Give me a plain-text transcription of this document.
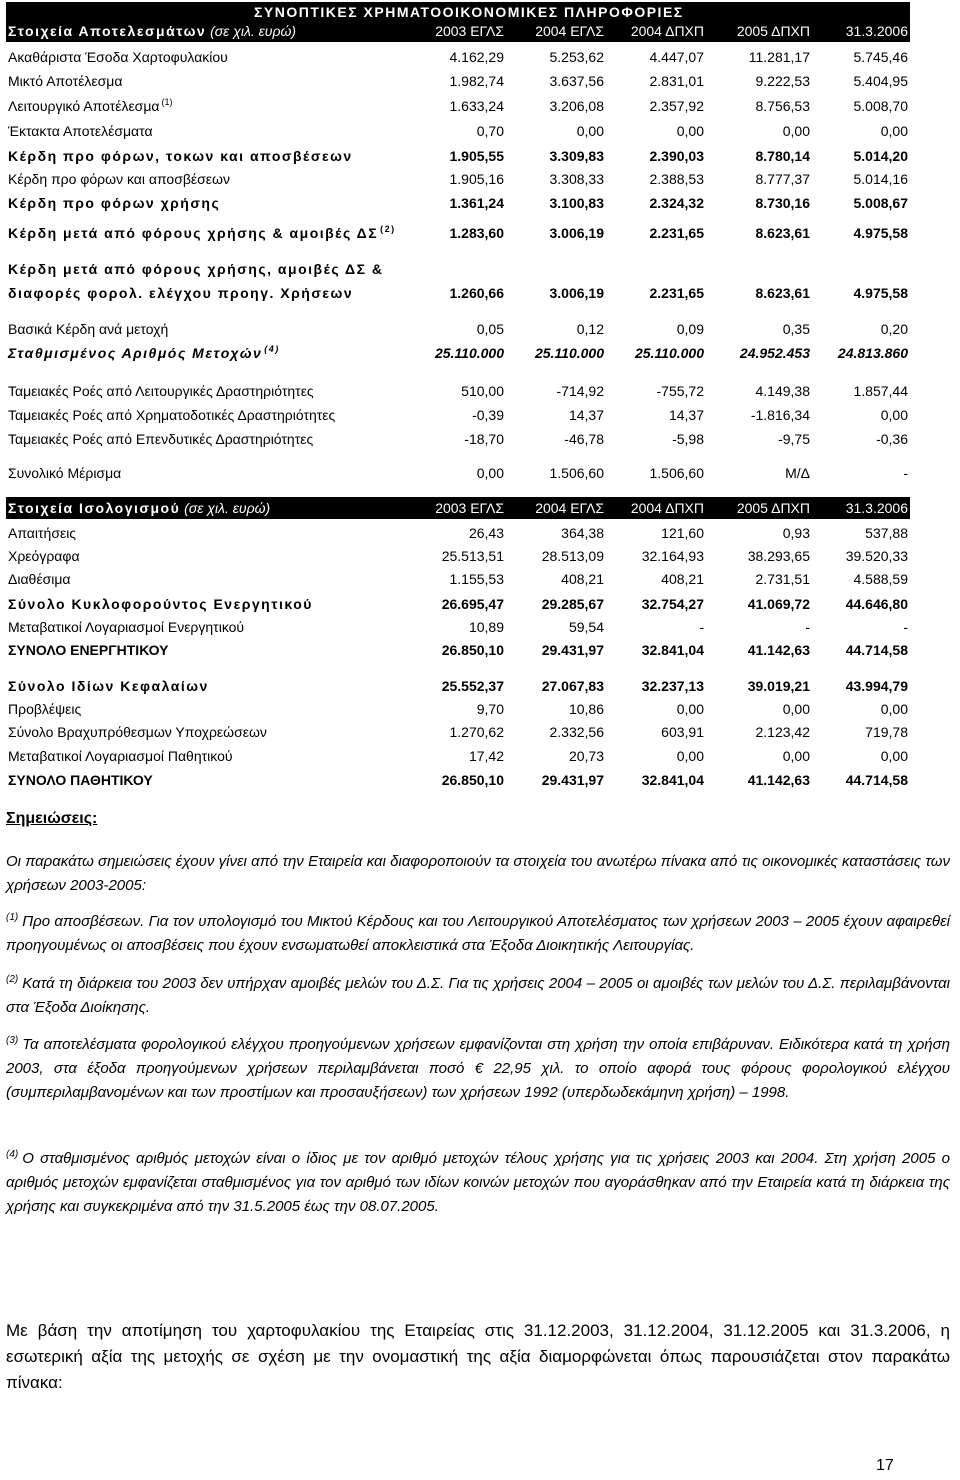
ΣΥΝΟΠΤΙΚΕΣ ΧΡΗΜΑΤΟΟΙΚΟΝΟΜΙΚΕΣ ΠΛΗΡΟΦΟΡΙΕΣ
Στοιχεία Αποτελεσμάτων (σε χιλ. ευρώ)	2003 ΕΓΛΣ 2004 ΕΓΛΣ 2004 ΔΠΧΠ 2005 ΔΠΧΠ	31.3.2006
Ακαθάριστα Έσοδα Χαρτοφυλακίου	4.162,29	5.253,62	4.447,07	11.281,17	5.745,46
Μικτό Αποτέλεσμα	1.982,74	3.637,56	2.831,01	9.222,53	5.404,95
Λειτουργικό Αποτέλεσμα $^{(1)}$	1.633,24	3.206,08	2.357,92	8.756,53	5.008,70
Έκτακτα Αποτελέσματα	0,70	0,00	0,00	0,00	0,00
Κέρδη προ φόρων, τοκων και αποσβέσεων	1.905,55	3.309,83	2.390,03	8.780,14	5.014,20
Κέρδη προ φόρων και αποσβέσεων	1.905,16	3.308,33	2.388,53	8.777,37	5.014,16
Κέρδη προ φόρων χρήσης	1.361,24	3.100,83	2.324,32	8.730,16	5.008,67
Κέρδη μετά από φόρους χρήσης & αμοιβές ΔΣ $^{(2)}$	1.283,60	3.006,19	2.231,65	8.623,61	4.975,58
Κέρδη μετά από φόρους χρήσης, αμοιβές ΔΣ &
διαφορές φορολ. ελέγχου προηγ. Χρήσεων	1.260,66	3.006,19	2.231,65	8.623,61	4.975,58
Βασικά Κέρδη ανά μετοχή	0,05	0,12	0,09	0,35	0,20
Σταθμισμένος Αριθμός Μετοχών $^{(4)}$	25.110.000 25.110.000 25.110.000	24.952.453 24.813.860
Ταμειακές Ροές από Λειτουργικές Δραστηριότητες	510,00	-714,92	-755,72	4.149,38	1.857,44
Ταμειακές Ροές από Χρηματοδοτικές Δραστηριότητες	-0,39	14,37	14,37	-1.816,34	0,00
Ταμειακές Ροές από Επενδυτικές Δραστηριότητες	-18,70	-46,78	-5,98	-9,75	-0,36
Συνολικό Μέρισμα	0,00	1.506,60	1.506,60	Μ/Δ	-
Στοιχεία Ισολογισμού (σε χιλ. ευρώ)	2003 ΕΓΛΣ 2004 ΕΓΛΣ 2004 ΔΠΧΠ 2005 ΔΠΧΠ	31.3.2006
Απαιτήσεις	26,43	364,38	121,60	0,93	537,88
Χρεόγραφα	25.513,51	28.513,09	32.164,93	38.293,65	39.520,33
Διαθέσιμα	1.155,53	408,21	408,21	2.731,51	4.588,59
Σύνολο Κυκλοφορούντος Ενεργητικού	26.695,47	29.285,67	32.754,27	41.069,72	44.646,80
Μεταβατικοί Λογαριασμοί Ενεργητικού	10,89	59,54	-	-	-
ΣΥΝΟΛΟ ΕΝΕΡΓΗΤΙΚΟΥ	26.850,10	29.431,97	32.841,04	41.142,63	44.714,58
Σύνολο Ιδίων Κεφαλαίων	25.552,37	27.067,83	32.237,13	39.019,21	43.994,79
Προβλέψεις	9,70	10,86	0,00	0,00	0,00
Σύνολο Βραχυπρόθεσμων Υποχρεώσεων	1.270,62	2.332,56	603,91	2.123,42	719,78
Μεταβατικοί Λογαριασμοί Παθητικού	17,42	20,73	0,00	0,00	0,00
ΣΥΝΟΛΟ ΠΑΘΗΤΙΚΟΥ	26.850,10	29.431,97	32.841,04	41.142,63	44.714,58
Σημειώσεις:
Οι παρακάτω σημειώσεις έχουν γίνει από την Εταιρεία και διαφοροποιούν τα στοιχεία του ανωτέρω πίνακα από τις οικονομικές καταστάσεις των χρήσεων 2003-2005:
$^{(1)}$ Προ αποσβέσεων. Για τον υπολογισμό του Μικτού Κέρδους και του Λειτουργικού Αποτελέσματος των χρήσεων 2003 – 2005 έχουν αφαιρεθεί προηγουμένως οι αποσβέσεις που έχουν ενσωματωθεί αποκλειστικά στα Έξοδα Διοικητικής Λειτουργίας.
$^{(2)}$ Κατά τη διάρκεια του 2003 δεν υπήρχαν αμοιβές μελών του Δ.Σ. Για τις χρήσεις 2004 – 2005 οι αμοιβές των μελών του Δ.Σ. περιλαμβάνονται στα Έξοδα Διοίκησης.
$^{(3)}$ Τα αποτελέσματα φορολογικού ελέγχου προηγούμενων χρήσεων εμφανίζονται στη χρήση την οποία επιβάρυναν. Ειδικότερα κατά τη χρήση 2003, στα έξοδα προηγούμενων χρήσεων περιλαμβάνεται ποσό € 22,95 χιλ. το οποίο αφορά τους φόρους φορολογικού ελέγχου (συμπεριλαμβανομένων και των προστίμων και προσαυξήσεων) των χρήσεων 1992 (υπερδωδεκάμηνη χρήση) – 1998.
$^{(4)}$ Ο σταθμισμένος αριθμός μετοχών είναι ο ίδιος με τον αριθμό μετοχών τέλους χρήσης για τις χρήσεις 2003 και 2004. Στη χρήση 2005 ο αριθμός μετοχών εμφανίζεται σταθμισμένος για τον αριθμό των ιδίων κοινών μετοχών που αγοράσθηκαν από την Εταιρεία κατά τη διάρκεια της χρήσης και συγκεκριμένα από την 31.5.2005 έως την 08.07.2005.
Με βάση την αποτίμηση του χαρτοφυλακίου της Εταιρείας στις 31.12.2003, 31.12.2004, 31.12.2005 και 31.3.2006, η εσωτερική αξία της μετοχής σε σχέση με την ονομαστική της αξία διαμορφώνεται όπως παρουσιάζεται στον παρακάτω πίνακα:
17
